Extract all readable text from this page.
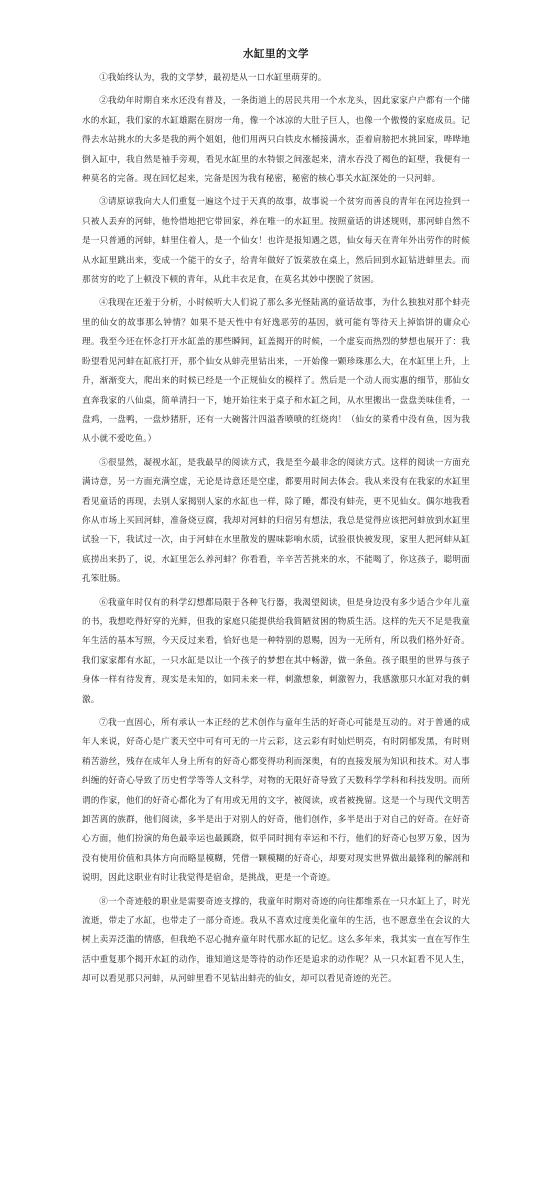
水缸里的文学

①我始终认为，我的文学梦，最初是从一口水缸里萌芽的。

②我幼年时期自来水还没有普及，一条街道上的居民共用一个水龙头，因此家家户户都有一个储水的水缸，我们家的水缸雄踞在厨房一角，像一个冰凉的大肚子巨人，也像一个傲慢的家庭成员。记得去水站挑水的大多是我的两个姐姐，他们用两只白铁皮水桶接满水，歪着肩膀把水挑回家，哗哗地倒入缸中，我自然是袖手旁观，看见水缸里的水特银之间涨起来，清水吞没了褐色的缸壁，我便有一种莫名的完备。现在回忆起来，完备是因为我有秘密，秘密的核心事关水缸深处的一只河蚌。

③请原谅我向大人们重复一遍这个过于天真的故事，故事说一个贫穷而善良的青年在河边捡到一只被人丢弃的河蚌，他怜惜地把它带回家，养在唯一的水缸里。按照童话的讲述规则，那河蚌自然不是一只普通的河蚌，蚌里住着人，是一个仙女！也许是报知遇之恩，仙女每天在青年外出劳作的时候从水缸里跳出来，变成一个能干的女子，给青年做好了饭菜放在桌上，然后回到水缸钻进蚌里去。而那贫穷的吃了上顿没下顿的青年，从此丰衣足食，在莫名其妙中摆脱了贫困。

④我现在还羞于分析，小时候听大人们说了那么多光怪陆离的童话故事，为什么独独对那个蚌壳里的仙女的故事那么钟情？如果不是天性中有好逸恶劳的基因，就可能有等待天上掉馅饼的庸众心理。我至今还在怀念打开水缸盖的那些瞬间，缸盖揭开的时候，一个虚妄而热烈的梦想也展开了：我盼望看见河蚌在缸底打开，那个仙女从蚌壳里钻出来，一开始像一颗珍珠那么大，在水缸里上升，上升，渐渐变大，爬出来的时候已经是一个正规仙女的模样了。然后是一个动人而实惠的细节，那仙女直奔我家的八仙桌，简单清扫一下，她开始往来于桌子和水缸之间，从水里搬出一盘盘美味佳肴，一盘鸡，一盘鸭，一盘炒猪肝，还有一大碗酱汁四溢香喷喷的红烧肉！（仙女的菜肴中没有鱼，因为我从小就不爱吃鱼。）

⑤很显然，凝视水缸，是我最早的阅读方式，我是至今最非念的阅读方式。这样的阅读一方面充满诗意，另一方面充满空虚，无论是诗意还是空虚，都要用时间去体会。我从来没有在我家的水缸里看见童话的再现，去别人家揭别人家的水缸也一样，除了睡，都没有蚌壳，更不见仙女。偶尔地我看你从市场上买回河蚌，准备烧豆腐，我却对河蚌的归宿另有想法，我总是觉得应该把河蚌放到水缸里试验一下，我试过一次，由于河蚌在水里散发的腥味影响水质，试验很快被发现，家里人把河蚌从缸底捞出来扔了，说，水缸里怎么养河蚌？你看看，辛辛苦苦挑来的水，不能喝了，你这孩子，聪明面孔笨肚肠。

⑥我童年时仅有的科学幻想都局限于各种飞行器，我渴望阅读，但是身边没有多少适合少年儿童的书，我想吃得好穿的光鲜，但我的家庭只能提供给我简陋贫困的物质生活。这样的先天不足是我童年生活的基本写照，今天反过来看，恰好也是一种特别的恩赐，因为一无所有，所以我们格外好奇。我们家家都有水缸，一只水缸是以让一个孩子的梦想在其中畅游，做一条鱼。孩子眼里的世界与孩子身体一样有待发育，现实是未知的，如同未来一样，刺激想象，刺激智力，我感激那只水缸对我的刺激。

⑦我一直固心，所有承认一本正经的艺术创作与童年生活的好奇心可能是互动的。对于普通的成年人来说，好奇心是广袤天空中可有可无的一片云彩，这云彩有时灿烂明亮，有时阴郁发黑，有时则稍苦游丝，残存在成年人身上所有的好奇心都变得功利而深奥，有的直接发展为知识和技术。对人事纠缠的好奇心导致了历史哲学等等人文科学，对物的无限好奇导致了天数科学学科和科技发明。而所谓的作家，他们的好奇心都化为了有用或无用的文字，被阅读，或者被挽留。这是一个与现代文明苦卸苦离的族群，他们阅读，多半是出于对别人的好奇，他们创作，多半是出于对自己的好奇。在好奇心方面，他们扮演的角色最幸运也最蹊跷，似乎同时拥有幸运和不行，他们的好奇心包罗万象，因为没有使用价值和具体方向而略显模糊，凭借一颗模糊的好奇心，却要对现实世界做出最锋利的解剖和说明，因此这职业有时让我觉得是宿命，是挑战，更是一个奇迹。

⑧一个奇迹般的职业是需要奇迹支撑的，我童年时期对奇迹的向往都维系在一只水缸上了，时光流逝，带走了水缸，也带走了一部分奇迹。我从不喜欢过度美化童年的生活，也不愿意坐在会议的大树上卖弄泛滥的情感，但我绝不忍心抛弃童年时代那水缸的记忆。这么多年来，我其实一直在写作生活中重复那个揭开水缸的动作，谁知道这是等待的动作还是追求的动作呢？从一只水缸看不见人生，却可以看见那只河蚌，从河蚌里看不见钻出蚌壳的仙女，却可以看见奇迹的光芒。
